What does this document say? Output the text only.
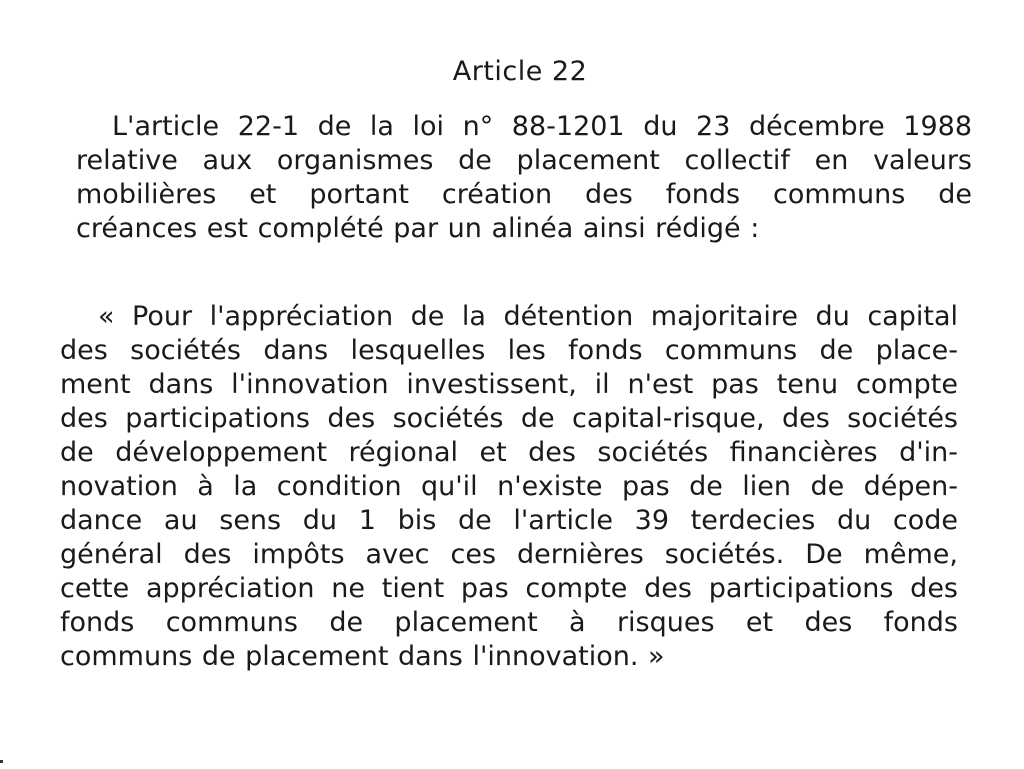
Article 22

L'article 22-1 de la loi n° 88-1201 du 23 décembre 1988
relative aux organismes de placement collectif en valeurs
mobilières et portant création des fonds communs de
créances est complété par un alinéa ainsi rédigé :

« Pour l'appréciation de la détention majoritaire du capital
des sociétés dans lesquelles les fonds communs de place-
ment dans l'innovation investissent, il n'est pas tenu compte
des participations des sociétés de capital-risque, des sociétés
de développement régional et des sociétés financières d'in-
novation à la condition qu'il n'existe pas de lien de dépen-
dance au sens du 1 bis de l'article 39 terdecies du code
général des impôts avec ces dernières sociétés. De même,
cette appréciation ne tient pas compte des participations des
fonds communs de placement à risques et des fonds
communs de placement dans l'innovation. »
